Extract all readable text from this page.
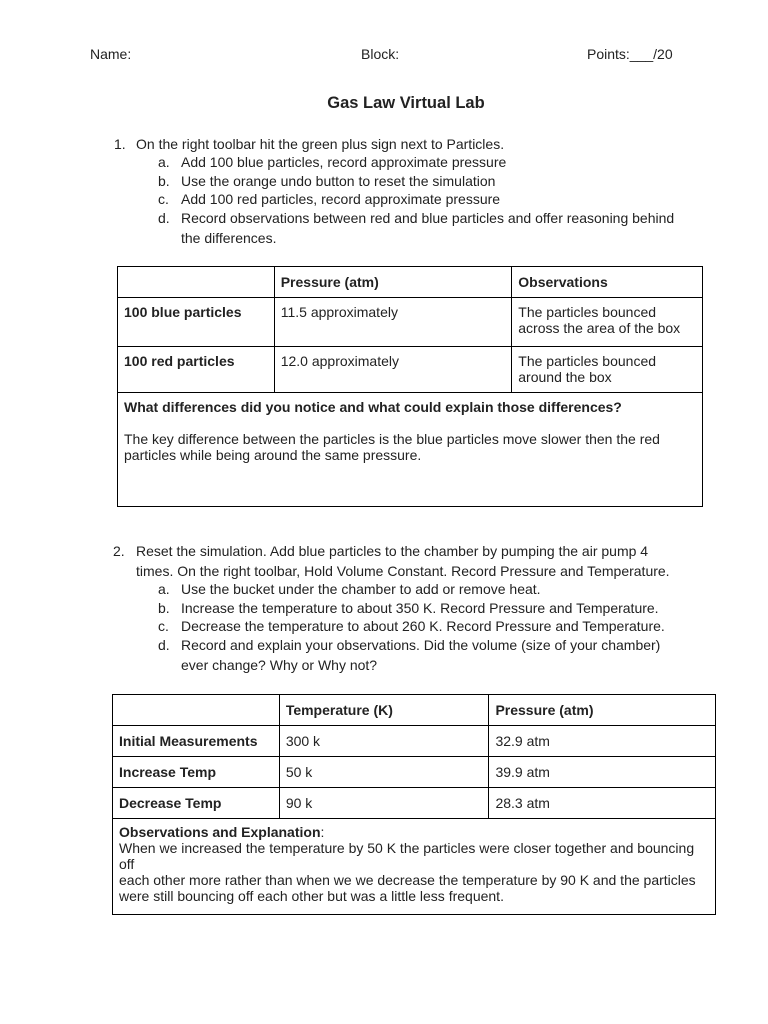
Name:	Block:	Points:___/20
Gas Law Virtual Lab
1. On the right toolbar hit the green plus sign next to Particles.
a. Add 100 blue particles, record approximate pressure
b. Use the orange undo button to reset the simulation
c. Add 100 red particles, record approximate pressure
d. Record observations between red and blue particles and offer reasoning behind
the differences.
	Pressure (atm)	Observations
100 blue particles	11.5 approximately	The particles bounced
across the area of the box

100 red particles	12.0 approximately	The particles bounced
around the box

What differences did you notice and what could explain those differences?
The key difference between the particles is the blue particles move slower then the red
particles while being around the same pressure.		
2. Reset the simulation. Add blue particles to the chamber by pumping the air pump 4
times. On the right toolbar, Hold Volume Constant. Record Pressure and Temperature.
a. Use the bucket under the chamber to add or remove heat.
b. Increase the temperature to about 350 K. Record Pressure and Temperature.
c. Decrease the temperature to about 260 K. Record Pressure and Temperature.
d. Record and explain your observations. Did the volume (size of your chamber)
ever change? Why or Why not?
	Temperature (K)	Pressure (atm)
Initial Measurements	300 k	32.9 atm
Increase Temp	50 k	39.9 atm
Decrease Temp	90 k	28.3 atm

Observations and Explanation:
When we increased the temperature by 50 K the particles were closer together and bouncing off
each other more rather than when we we decrease the temperature by 90 K and the particles
were still bouncing off each other but was a little less frequent.		
